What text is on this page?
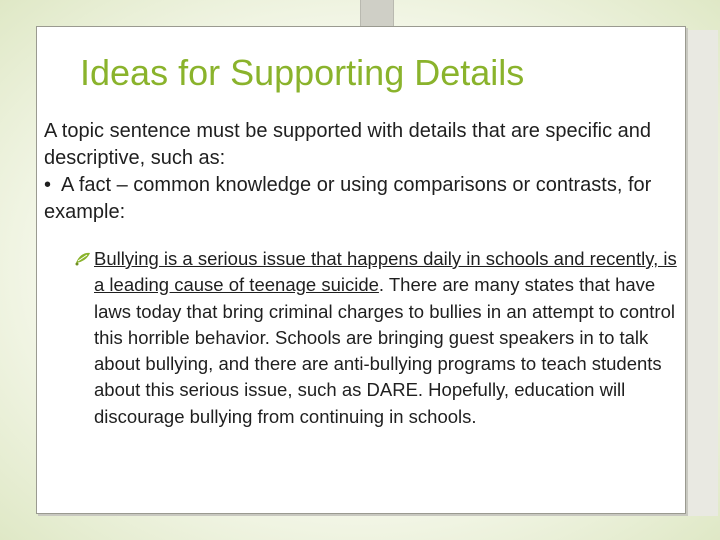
Ideas for Supporting Details

A topic sentence must be supported with details that are specific and descriptive, such as:

• A fact – common knowledge or using comparisons or contrasts, for example:

Bullying is a serious issue that happens daily in schools and recently, is a leading cause of teenage suicide. There are many states that have laws today that bring criminal charges to bullies in an attempt to control this horrible behavior. Schools are bringing guest speakers in to talk about bullying, and there are anti-bullying programs to teach students about this serious issue, such as DARE. Hopefully, education will discourage bullying from continuing in schools.
